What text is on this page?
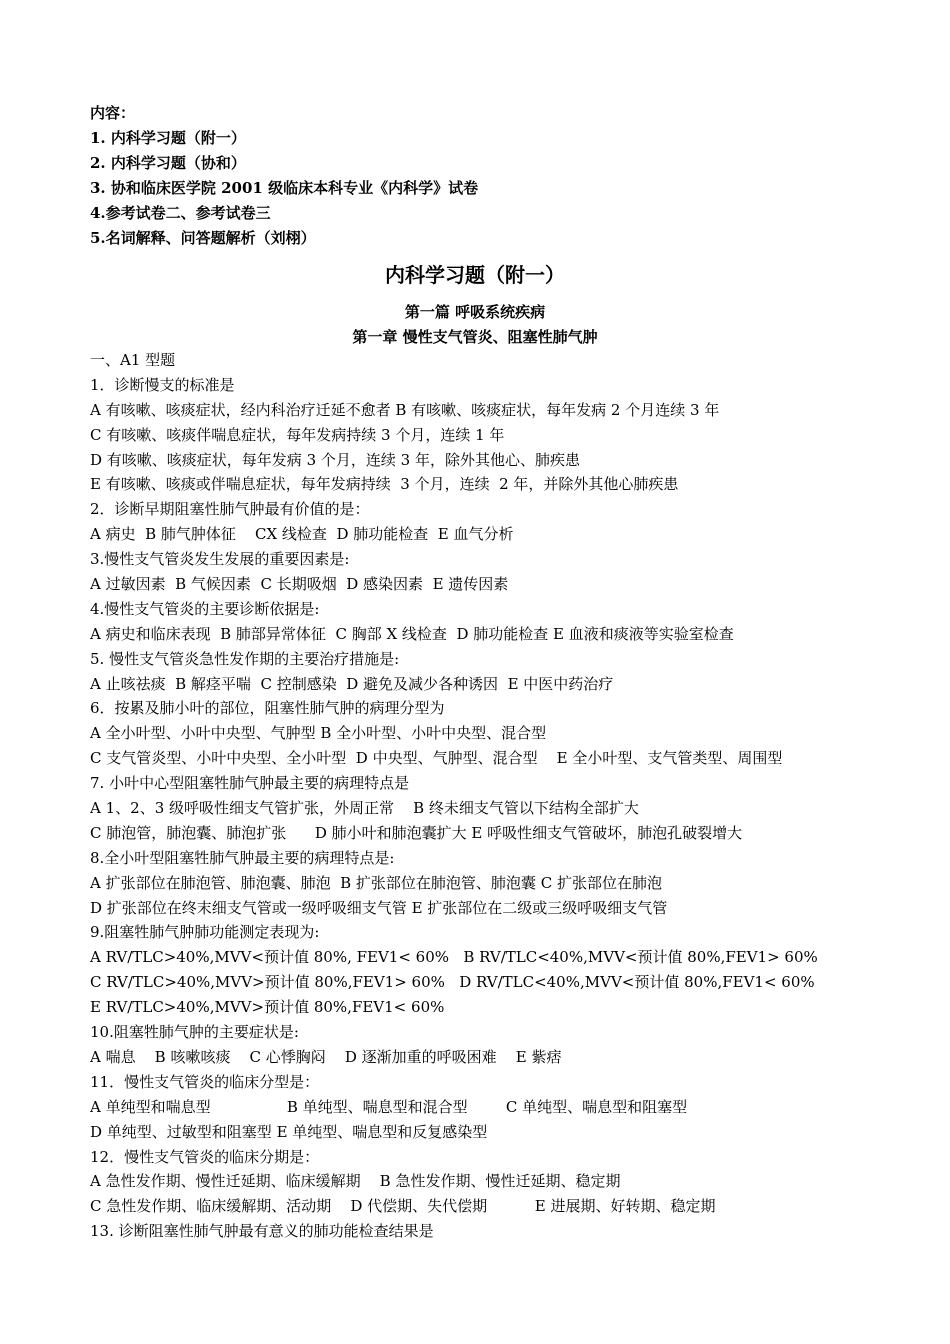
内容：
1. 内科学习题（附一）
2. 内科学习题（协和）
3. 协和临床医学院 2001 级临床本科专业《内科学》试卷
4.参考试卷二、参考试卷三
5.名词解释、问答题解析（刘栩）
内科学习题（附一）
第一篇 呼吸系统疾病
第一章 慢性支气管炎、阻塞性肺气肿
一、A1 型题
1．诊断慢支的标准是
A 有咳嗽、咳痰症状，经内科治疗迁延不愈者 B 有咳嗽、咳痰症状，每年发病 2 个月连续 3 年
C 有咳嗽、咳痰伴喘息症状，每年发病持续 3 个月，连续 1 年
D 有咳嗽、咳痰症状，每年发病 3 个月，连续 3 年，除外其他心、肺疾患
E 有咳嗽、咳痰或伴喘息症状，每年发病持续  3 个月，连续  2 年，并除外其他心肺疾患
2．诊断早期阻塞性肺气肿最有价值的是：
A 病史  B 肺气肿体征    CX 线检查  D 肺功能检查  E 血气分析
3.慢性支气管炎发生发展的重要因素是:
A 过敏因素  B 气候因素  C 长期吸烟  D 感染因素  E 遗传因素
4.慢性支气管炎的主要诊断依据是:
A 病史和临床表现  B 肺部异常体征  C 胸部 X 线检查  D 肺功能检查 E 血液和痰液等实验室检查
5. 慢性支气管炎急性发作期的主要治疗措施是:
A 止咳祛痰  B 解痉平喘  C 控制感染  D 避免及减少各种诱因  E 中医中药治疗
6．按累及肺小叶的部位，阻塞性肺气肿的病理分型为
A 全小叶型、小叶中央型、气肿型 B 全小叶型、小叶中央型、混合型
C 支气管炎型、小叶中央型、全小叶型  D 中央型、气肿型、混合型    E 全小叶型、支气管类型、周围型
7. 小叶中心型阻塞牲肺气肿最主要的病理特点是
A 1、2、3 级呼吸性细支气管扩张，外周正常    B 终未细支气管以下结构全部扩大
C 肺泡管，肺泡囊、肺泡扩张      D 肺小叶和肺泡囊扩大 E 呼吸性细支气管破坏，肺泡孔破裂增大
8.全小叶型阻塞牲肺气肿最主要的病理特点是:
A 扩张部位在肺泡管、肺泡囊、肺泡  B 扩张部位在肺泡管、肺泡囊 C 扩张部位在肺泡
D 扩张部位在终末细支气管或一级呼吸细支气管 E 扩张部位在二级或三级呼吸细支气管
9.阻塞牲肺气肿肺功能测定表现为:
A RV/TLC>40%,MVV<预计值 80%, FEV1< 60%   B RV/TLC<40%,MVV<预计值 80%,FEV1> 60%
C RV/TLC>40%,MVV>预计值 80%,FEV1> 60%   D RV/TLC<40%,MVV<预计值 80%,FEV1< 60%
E RV/TLC>40%,MVV>预计值 80%,FEV1< 60%
10.阻塞牲肺气肿的主要症状是:
A 喘息    B 咳嗽咳痰    C 心悸胸闷    D 逐渐加重的呼吸困难    E 紫痞
11．慢性支气管炎的临床分型是：
A 单纯型和喘息型                B 单纯型、喘息型和混合型        C 单纯型、喘息型和阻塞型
D 单纯型、过敏型和阻塞型 E 单纯型、喘息型和反复感染型
12．慢性支气管炎的临床分期是：
A 急性发作期、慢性迁延期、临床缓解期    B 急性发作期、慢性迁延期、稳定期
C 急性发作期、临床缓解期、活动期    D 代偿期、失代偿期          E 进展期、好转期、稳定期
13. 诊断阻塞性肺气肿最有意义的肺功能检查结果是
